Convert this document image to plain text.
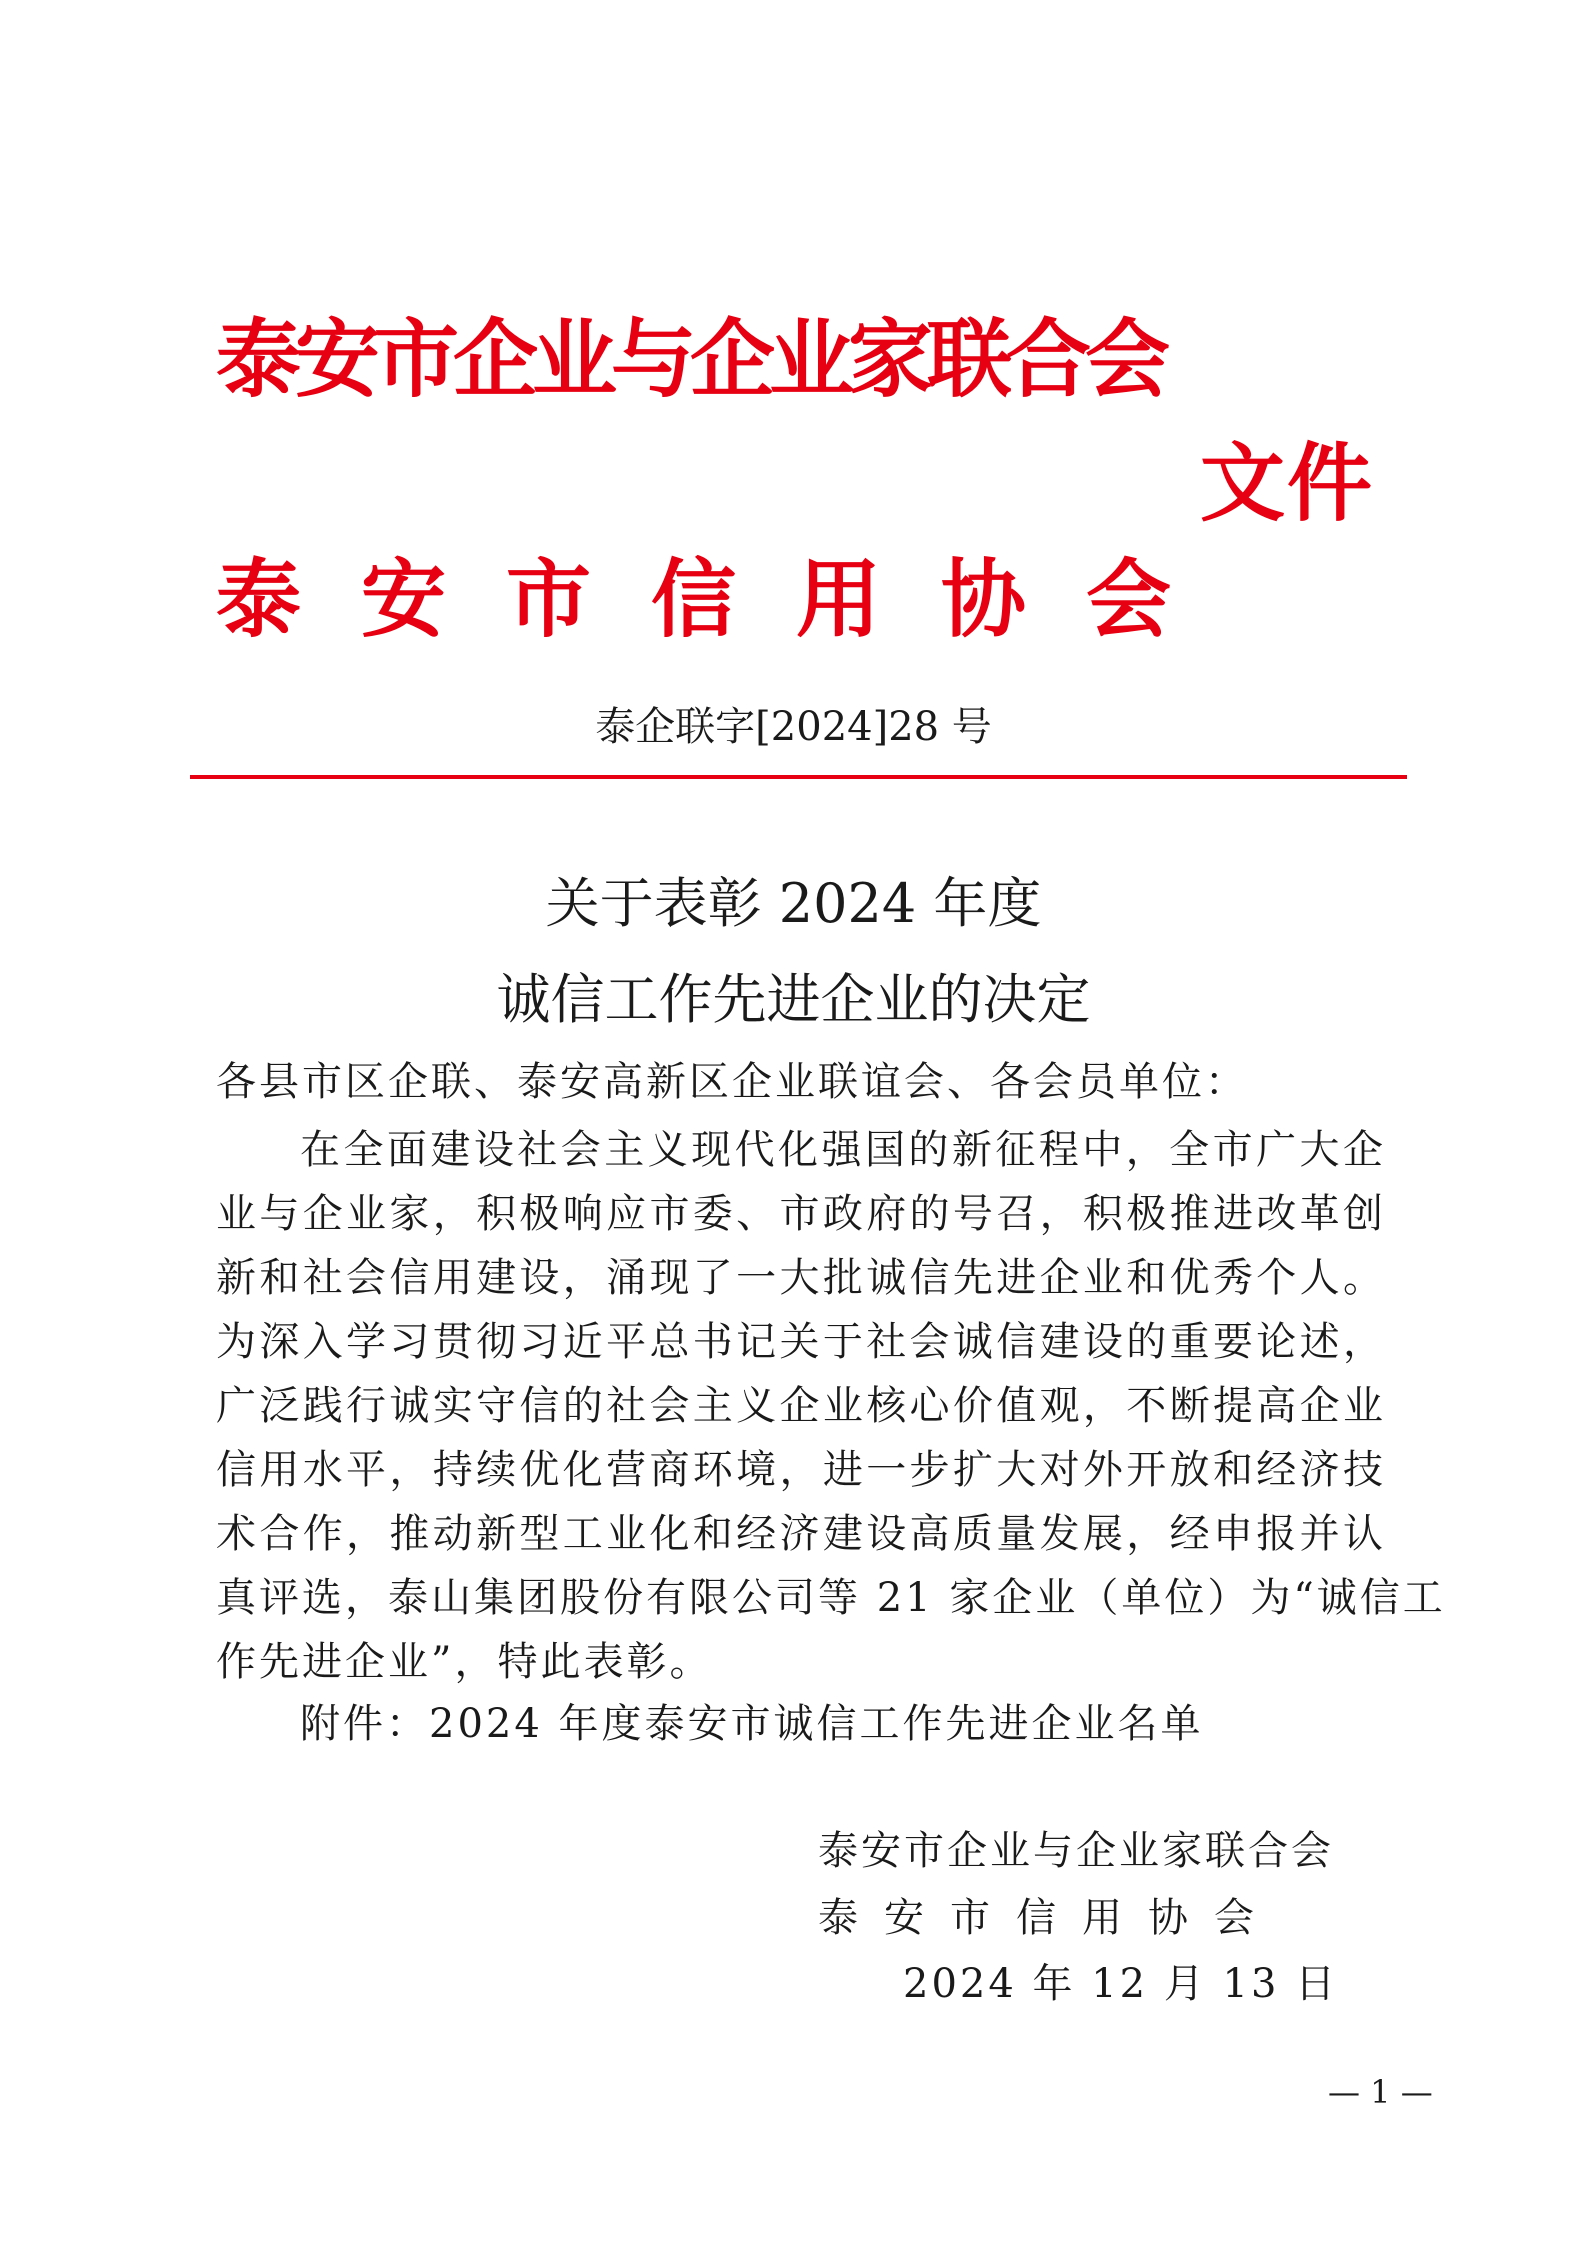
泰安市企业与企业家联合会
文件
泰安市信用协会
泰企联字[2024]28 号
关于表彰 2024 年度
诚信工作先进企业的决定
各县市区企联、泰安高新区企业联谊会、各会员单位：
在全面建设社会主义现代化强国的新征程中，全市广大企
业与企业家，积极响应市委、市政府的号召，积极推进改革创
新和社会信用建设，涌现了一大批诚信先进企业和优秀个人。
为深入学习贯彻习近平总书记关于社会诚信建设的重要论述，
广泛践行诚实守信的社会主义企业核心价值观，不断提高企业
信用水平，持续优化营商环境，进一步扩大对外开放和经济技
术合作，推动新型工业化和经济建设高质量发展，经申报并认
真评选，泰山集团股份有限公司等 21 家企业（单位）为“诚信工
作先进企业”，特此表彰。
附件：2024 年度泰安市诚信工作先进企业名单
泰安市企业与企业家联合会
泰安市信用协会
2024 年 12 月 13 日
— 1 —
